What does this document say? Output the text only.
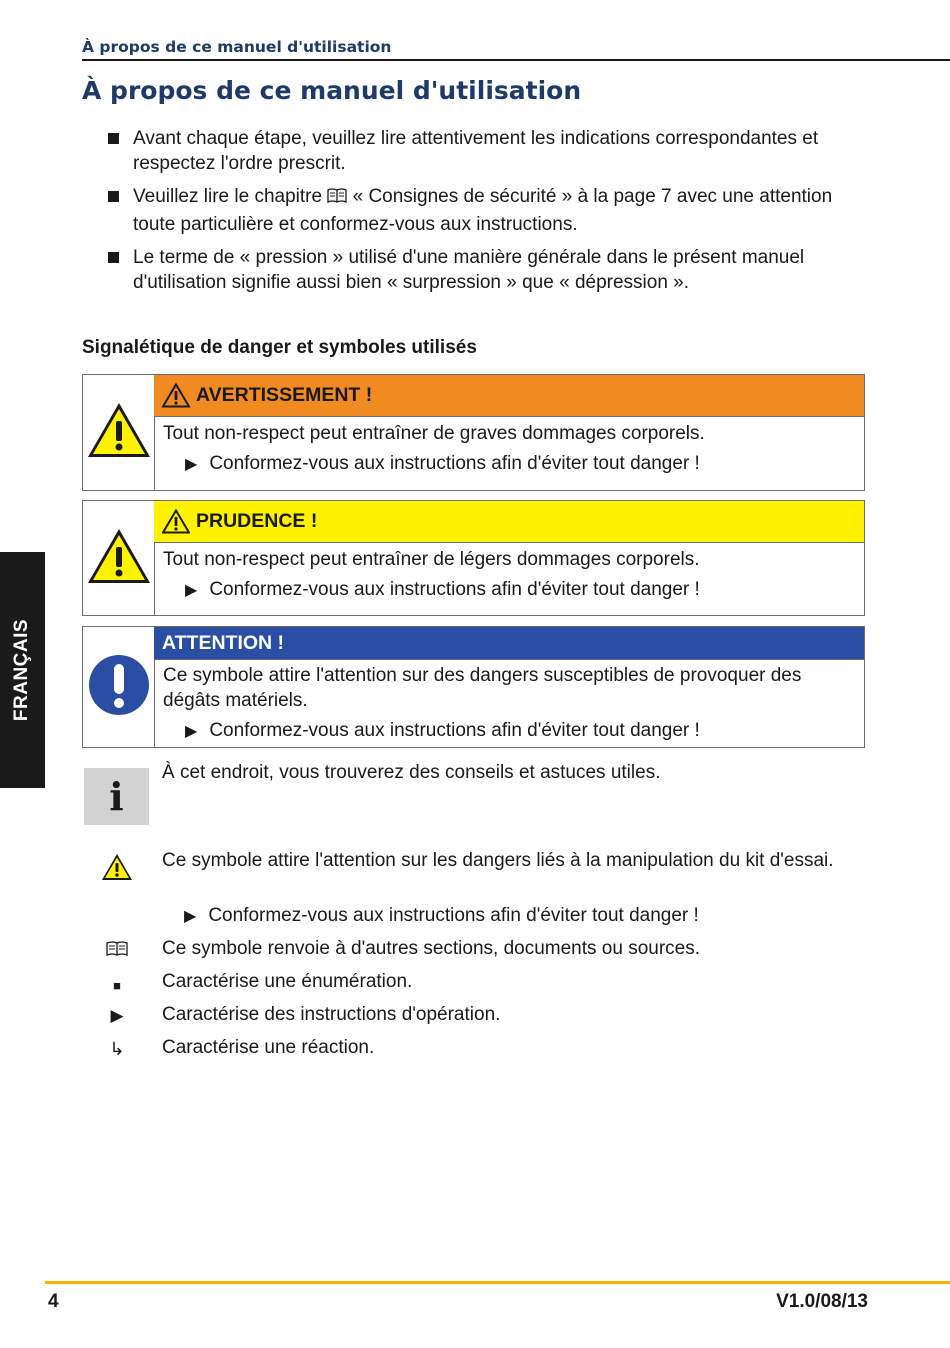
À propos de ce manuel d'utilisation
À propos de ce manuel d'utilisation
Avant chaque étape, veuillez lire attentivement les indications correspondantes et respectez l'ordre prescrit.
Veuillez lire le chapitre « Consignes de sécurité » à la page 7 avec une attention toute particulière et conformez-vous aux instructions.
Le terme de « pression » utilisé d'une manière générale dans le présent manuel d'utilisation signifie aussi bien « surpression » que « dépression ».
Signalétique de danger et symboles utilisés
AVERTISSEMENT !
Tout non-respect peut entraîner de graves dommages corporels.
▶ Conformez-vous aux instructions afin d'éviter tout danger !
PRUDENCE !
Tout non-respect peut entraîner de légers dommages corporels.
▶ Conformez-vous aux instructions afin d'éviter tout danger !
ATTENTION !
Ce symbole attire l'attention sur des dangers susceptibles de provoquer des dégâts matériels.
▶ Conformez-vous aux instructions afin d'éviter tout danger !
i
À cet endroit, vous trouverez des conseils et astuces utiles.
Ce symbole attire l'attention sur les dangers liés à la manipulation du kit d'essai.
▶ Conformez-vous aux instructions afin d'éviter tout danger !
Ce symbole renvoie à d'autres sections, documents ou sources.
■	Caractérise une énumération.
▶ Caractérise des instructions d'opération.
↳ Caractérise une réaction.
FRANÇAIS
4	V1.0/08/13
